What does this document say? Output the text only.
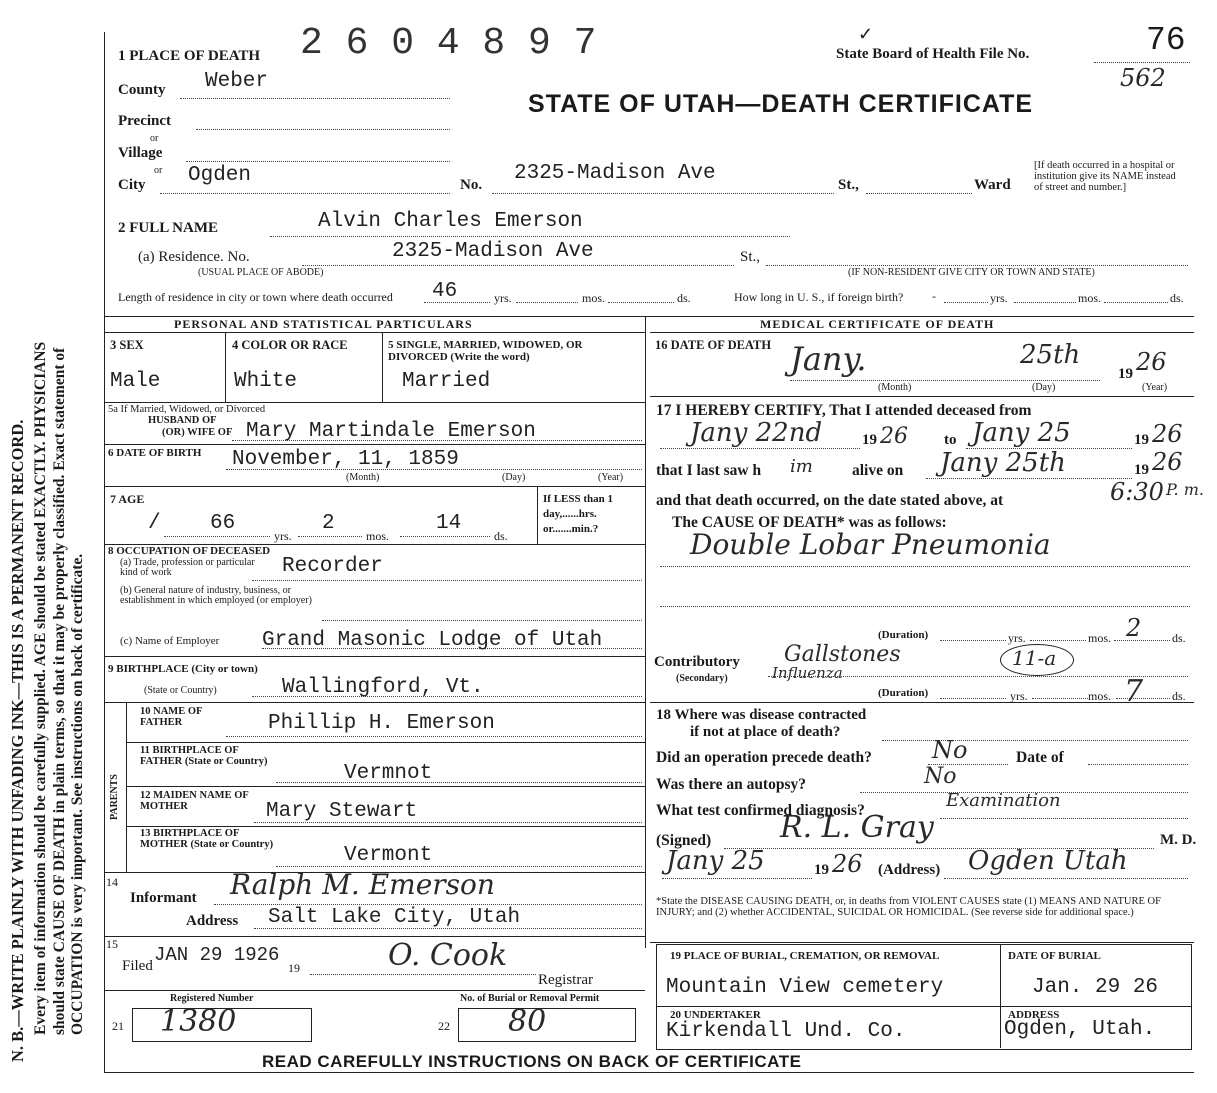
N. B.—WRITE PLAINLY WITH UNFADING INK—THIS IS A PERMANENT RECORD. Every item of information should be carefully supplied. AGE should be stated EXACTLY. PHYSICIANS should state CAUSE OF DEATH in plain terms, so that it may be properly classified. Exact statement of OCCUPATION is very important. See instructions on back of certificate.
1 PLACE OF DEATH 2 6 0 4 8 9 7	✓
State Board of Health File No.	76
562
STATE OF UTAH—DEATH CERTIFICATE
County Weber
Precinct
or
Village
or
City Ogden	No. 2325-Madison Ave	St.,	Ward
[If death occurred in a hospital or institution give its NAME instead of street and number.]
2 FULL NAME	Alvin Charles Emerson
(a) Residence. No.	2325-Madison Ave	St.,
(USUAL PLACE OF ABODE)	(IF NON-RESIDENT GIVE CITY OR TOWN AND STATE)
Length of residence in city or town where death occurred 46	yrs.	mos.	ds.	How long in U. S., if foreign birth? -	yrs.	mos.	ds.
PERSONAL AND STATISTICAL PARTICULARS	MEDICAL CERTIFICATE OF DEATH
3 SEX
Male
4 COLOR OR RACE
White
5 SINGLE, MARRIED, WIDOWED, OR DIVORCED (Write the word)
Married
5a If Married, Widowed, or Divorced
HUSBAND OF
(OR) WIFE OF Mary Martindale Emerson
6 DATE OF BIRTH November, 11, 1859
(Month)	(Day)	(Year)
7 AGE
/ 66
yrs.
2
mos.
14
ds.
If LESS than 1 day,......hrs. or.......min.?
8 OCCUPATION OF DECEASED
(a) Trade, profession or particular kind of work	Recorder
(b) General nature of industry, business, or establishment in which employed (or employer)
(c) Name of Employer Grand Masonic Lodge of Utah
9 BIRTHPLACE (City or town)
(State or Country)	Wallingford, Vt.
PARENTS
10 NAME OF FATHER	Phillip H. Emerson
11 BIRTHPLACE OF FATHER (State or Country)
Vermnot
12 MAIDEN NAME OF MOTHER	Mary Stewart
13 BIRTHPLACE OF MOTHER (State or Country)	Vermont
14
Informant Ralph M. Emerson
Address Salt Lake City, Utah
15
Filed JAN 29 1926
19	O. Cook
Registrar
Registered Number	No. of Burial or Removal Permit
21 1380	22 80
16 DATE OF DEATH Jany.	25th
19 26
(Month)	(Day)	(Year)
17 I HEREBY CERTIFY, That I attended deceased from
Jany 22nd	19 26 to Jany 25	19 26
that I last saw h im	alive on Jany 25th	19 26
and that death occurred, on the date stated above, at	6:30 P. m.
The CAUSE OF DEATH* was as follows:
Double Lobar Pneumonia
(Duration)	yrs.	mos. 2	ds.
Contributory
(Secondary)
Gallstones
Influenza
11-a
(Duration)	yrs.	mos. 7 ds.
18 Where was disease contracted
if not at place of death?
Did an operation precede death?	No	Date of
Was there an autopsy?	No
What test confirmed diagnosis?	Examination
(Signed) R. L. Gray	M. D.
Jany 25	19 26 (Address) Ogden Utah
*State the DISEASE CAUSING DEATH, or, in deaths from VIOLENT CAUSES state (1) MEANS AND NATURE OF INJURY; and (2) whether ACCIDENTAL, SUICIDAL OR HOMICIDAL. (See reverse side for additional space.)
19 PLACE OF BURIAL, CREMATION, OR REMOVAL	DATE OF BURIAL
Mountain View cemetery	Jan. 29 26
20 UNDERTAKER	ADDRESS
Kirkendall Und. Co.	Ogden, Utah.
READ CAREFULLY INSTRUCTIONS ON BACK OF CERTIFICATE
